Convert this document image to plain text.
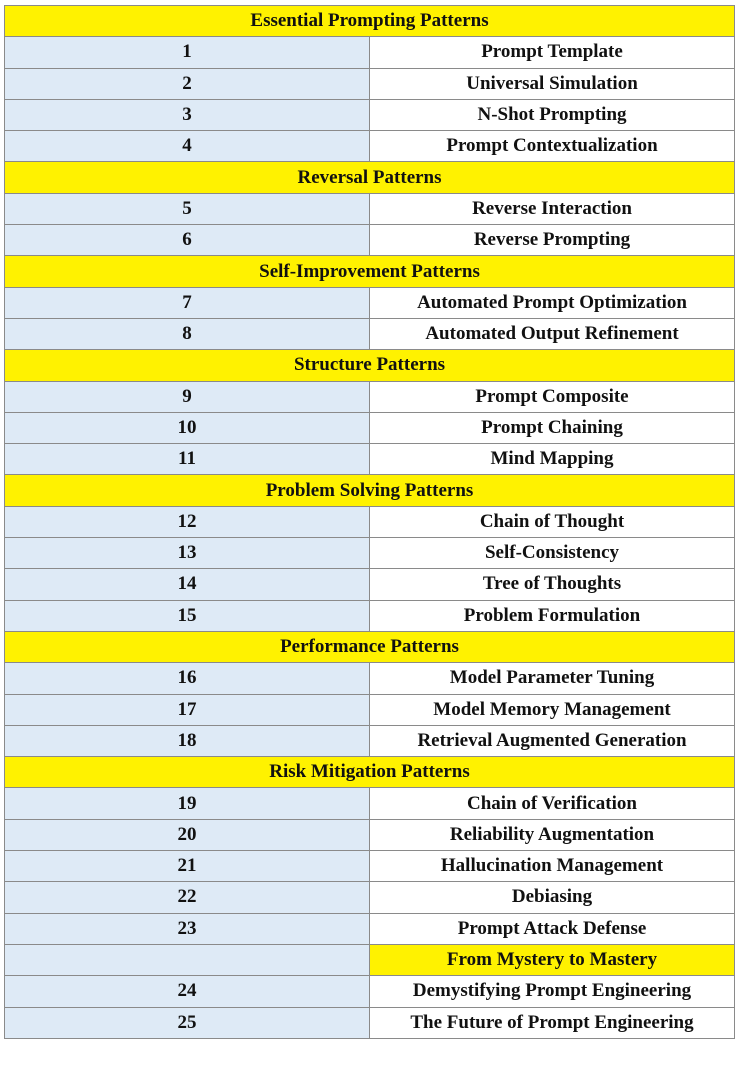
Essential Prompting Patterns	
1	Prompt Template
2	Universal Simulation
3	N-Shot Prompting
4	Prompt Contextualization
Reversal Patterns	
5	Reverse Interaction
6	Reverse Prompting
Self-Improvement Patterns	
7	Automated Prompt Optimization
8	Automated Output Refinement
Structure Patterns	
9	Prompt Composite
10	Prompt Chaining
11	Mind Mapping
Problem Solving Patterns	
12	Chain of Thought
13	Self-Consistency
14	Tree of Thoughts
15	Problem Formulation
Performance Patterns	
16	Model Parameter Tuning
17	Model Memory Management
18	Retrieval Augmented Generation
Risk Mitigation Patterns	
19	Chain of Verification
20	Reliability Augmentation
21	Hallucination Management
22	Debiasing
23	Prompt Attack Defense
	From Mystery to Mastery
24	Demystifying Prompt Engineering
25	The Future of Prompt Engineering
